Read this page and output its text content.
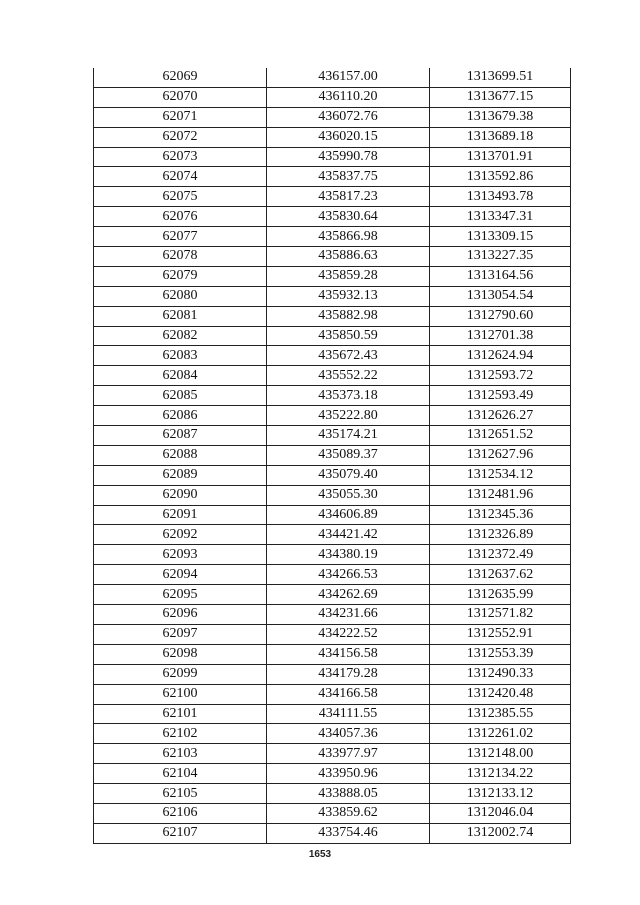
62069	436157.00	1313699.51
62070	436110.20	1313677.15
62071	436072.76	1313679.38
62072	436020.15	1313689.18
62073	435990.78	1313701.91
62074	435837.75	1313592.86
62075	435817.23	1313493.78
62076	435830.64	1313347.31
62077	435866.98	1313309.15
62078	435886.63	1313227.35
62079	435859.28	1313164.56
62080	435932.13	1313054.54
62081	435882.98	1312790.60
62082	435850.59	1312701.38
62083	435672.43	1312624.94
62084	435552.22	1312593.72
62085	435373.18	1312593.49
62086	435222.80	1312626.27
62087	435174.21	1312651.52
62088	435089.37	1312627.96
62089	435079.40	1312534.12
62090	435055.30	1312481.96
62091	434606.89	1312345.36
62092	434421.42	1312326.89
62093	434380.19	1312372.49
62094	434266.53	1312637.62
62095	434262.69	1312635.99
62096	434231.66	1312571.82
62097	434222.52	1312552.91
62098	434156.58	1312553.39
62099	434179.28	1312490.33
62100	434166.58	1312420.48
62101	434111.55	1312385.55
62102	434057.36	1312261.02
62103	433977.97	1312148.00
62104	433950.96	1312134.22
62105	433888.05	1312133.12
62106	433859.62	1312046.04
62107	433754.46	1312002.74
1653
